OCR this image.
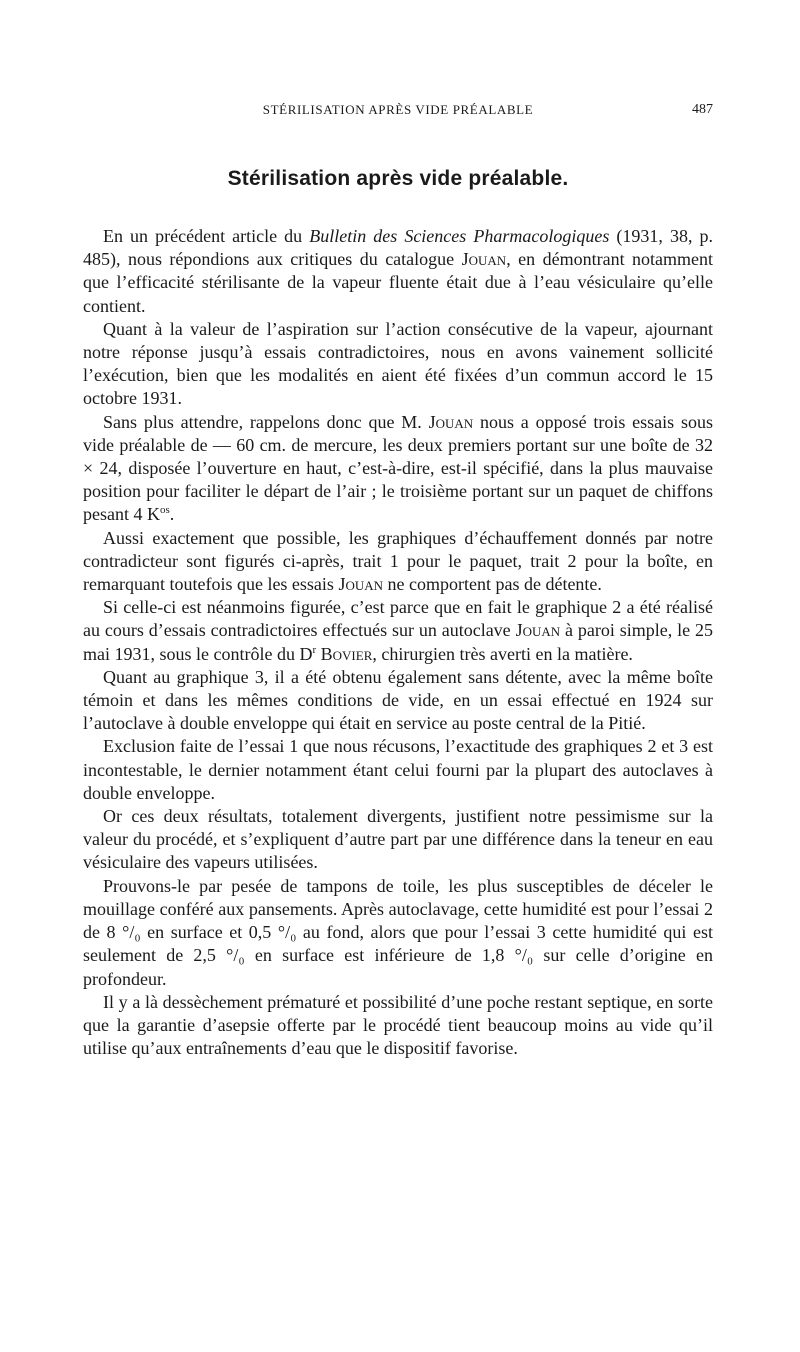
STÉRILISATION APRÈS VIDE PRÉALABLE	487
Stérilisation après vide préalable.

En un précédent article du Bulletin des Sciences Pharmacologiques (1931, 38, p. 485), nous répondions aux critiques du catalogue Jouan, en démontrant notamment que l’efficacité stérilisante de la vapeur fluente était due à l’eau vésiculaire qu’elle contient.

Quant à la valeur de l’aspiration sur l’action consécutive de la vapeur, ajournant notre réponse jusqu’à essais contradictoires, nous en avons vainement sollicité l’exécution, bien que les modalités en aient été fixées d’un commun accord le 15 octobre 1931.

Sans plus attendre, rappelons donc que M. Jouan nous a opposé trois essais sous vide préalable de — 60 cm. de mercure, les deux premiers portant sur une boîte de 32 × 24, disposée l’ouverture en haut, c’est-à-dire, est-il spécifié, dans la plus mauvaise position pour faciliter le départ de l’air ; le troisième portant sur un paquet de chiffons pesant 4 $K^{os}$.

Aussi exactement que possible, les graphiques d’échauffement donnés par notre contradicteur sont figurés ci-après, trait 1 pour le paquet, trait 2 pour la boîte, en remarquant toutefois que les essais Jouan ne comportent pas de détente.

Si celle-ci est néanmoins figurée, c’est parce que en fait le graphique 2 a été réalisé au cours d’essais contradictoires effectués sur un autoclave Jouan à paroi simple, le 25 mai 1931, sous le contrôle du $D^r$ Bovier, chirurgien très averti en la matière.

Quant au graphique 3, il a été obtenu également sans détente, avec la même boîte témoin et dans les mêmes conditions de vide, en un essai effectué en 1924 sur l’autoclave à double enveloppe qui était en service au poste central de la Pitié.

Exclusion faite de l’essai 1 que nous récusons, l’exactitude des graphiques 2 et 3 est incontestable, le dernier notamment étant celui fourni par la plupart des autoclaves à double enveloppe.

Or ces deux résultats, totalement divergents, justifient notre pessimisme sur la valeur du procédé, et s’expliquent d’autre part par une différence dans la teneur en eau vésiculaire des vapeurs utilisées.

Prouvons-le par pesée de tampons de toile, les plus susceptibles de déceler le mouillage conféré aux pansements. Après autoclavage, cette humidité est pour l’essai 2 de 8 °/₀ en surface et 0,5 °/₀ au fond, alors que pour l’essai 3 cette humidité qui est seulement de 2,5 °/₀ en surface est inférieure de 1,8 °/₀ sur celle d’origine en profondeur.

Il y a là dessèchement prématuré et possibilité d’une poche restant septique, en sorte que la garantie d’asepsie offerte par le procédé tient beaucoup moins au vide qu’il utilise qu’aux entraînements d’eau que le dispositif favorise.
